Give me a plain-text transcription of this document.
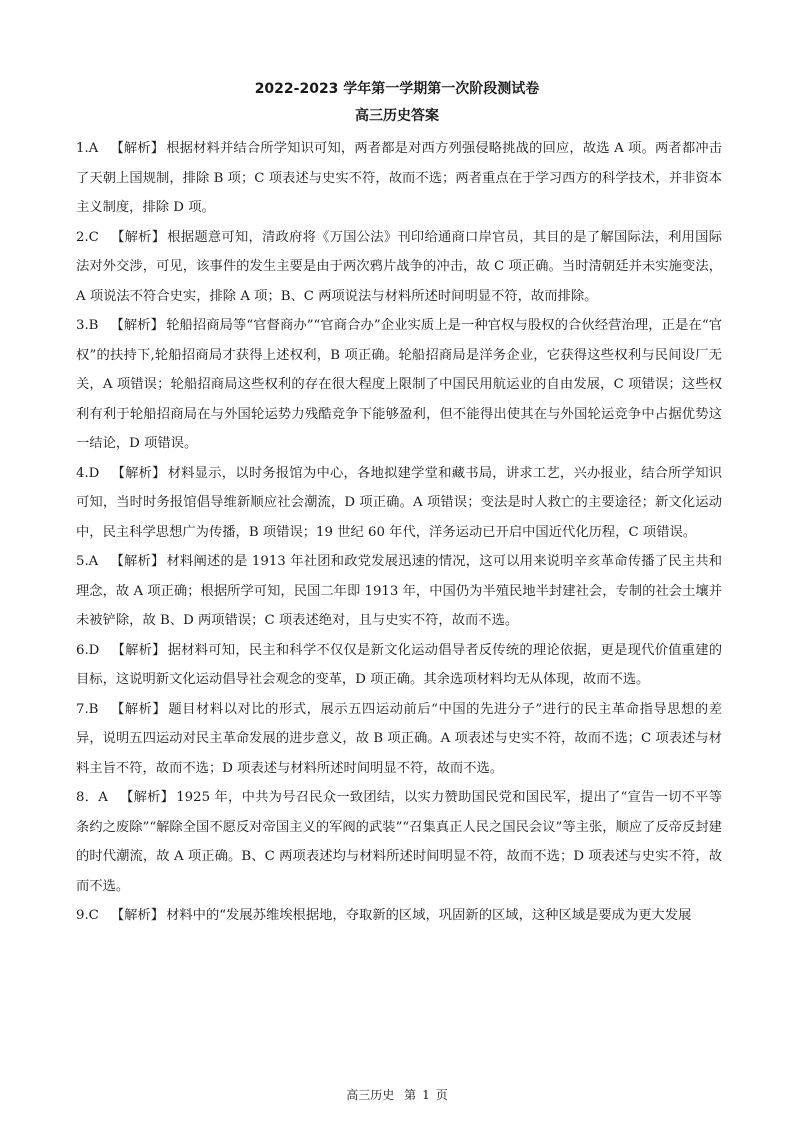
2022-2023 学年第一学期第一次阶段测试卷
高三历史答案

1.A 【解析】 根据材料并结合所学知识可知，两者都是对西方列强侵略挑战的回应，故选 A 项。两者都冲击了天朝上国规制，排除 B 项；C 项表述与史实不符，故而不选；两者重点在于学习西方的科学技术，并非资本主义制度，排除 D 项。

2.C 【解析】 根据题意可知，清政府将《万国公法》刊印给通商口岸官员，其目的是了解国际法，利用国际法对外交涉，可见，该事件的发生主要是由于两次鸦片战争的冲击，故 C 项正确。当时清朝廷并未实施变法，A 项说法不符合史实，排除 A 项；B、C 两项说法与材料所述时间明显不符，故而排除。

3.B 【解析】 轮船招商局等“官督商办”“官商合办”企业实质上是一种官权与股权的合伙经营治理，正是在“官权”的扶持下,轮船招商局才获得上述权利，B 项正确。轮船招商局是洋务企业，它获得这些权利与民间设厂无关，A 项错误；轮船招商局这些权利的存在很大程度上限制了中国民用航运业的自由发展，C 项错误；这些权利有利于轮船招商局在与外国轮运势力残酷竞争下能够盈利，但不能得出使其在与外国轮运竞争中占据优势这一结论，D 项错误。

4.D 【解析】 材料显示，以时务报馆为中心，各地拟建学堂和藏书局，讲求工艺，兴办报业，结合所学知识可知，当时时务报馆倡导维新顺应社会潮流，D 项正确。A 项错误；变法是时人救亡的主要途径；新文化运动中，民主科学思想广为传播，B 项错误；19 世纪 60 年代，洋务运动已开启中国近代化历程，C 项错误。

5.A 【解析】 材料阐述的是 1913 年社团和政党发展迅速的情况，这可以用来说明辛亥革命传播了民主共和理念，故 A 项正确；根据所学可知，民国二年即 1913 年，中国仍为半殖民地半封建社会，专制的社会土壤并未被铲除，故 B、D 两项错误；C 项表述绝对，且与史实不符，故而不选。

6.D 【解析】 据材料可知，民主和科学不仅仅是新文化运动倡导者反传统的理论依据，更是现代价值重建的目标，这说明新文化运动倡导社会观念的变革，D 项正确。其余选项材料均无从体现，故而不选。

7.B 【解析】 题目材料以对比的形式，展示五四运动前后“中国的先进分子”进行的民主革命指导思想的差异，说明五四运动对民主革命发展的进步意义，故 B 项正确。A 项表述与史实不符，故而不选；C 项表述与材料主旨不符，故而不选；D 项表述与材料所述时间明显不符，故而不选。

8．A 【解析】 1925 年，中共为号召民众一致团结，以实力赞助国民党和国民军，提出了“宣告一切不平等条约之废除”“解除全国不愿反对帝国主义的军阀的武装”“召集真正人民之国民会议”等主张，顺应了反帝反封建的时代潮流，故 A 项正确。B、C 两项表述均与材料所述时间明显不符，故而不选；D 项表述与史实不符，故而不选。

9.C 【解析】 材料中的“发展苏维埃根据地，夺取新的区域，巩固新的区域，这种区域是要成为更大发展

高三历史 第 1 页
